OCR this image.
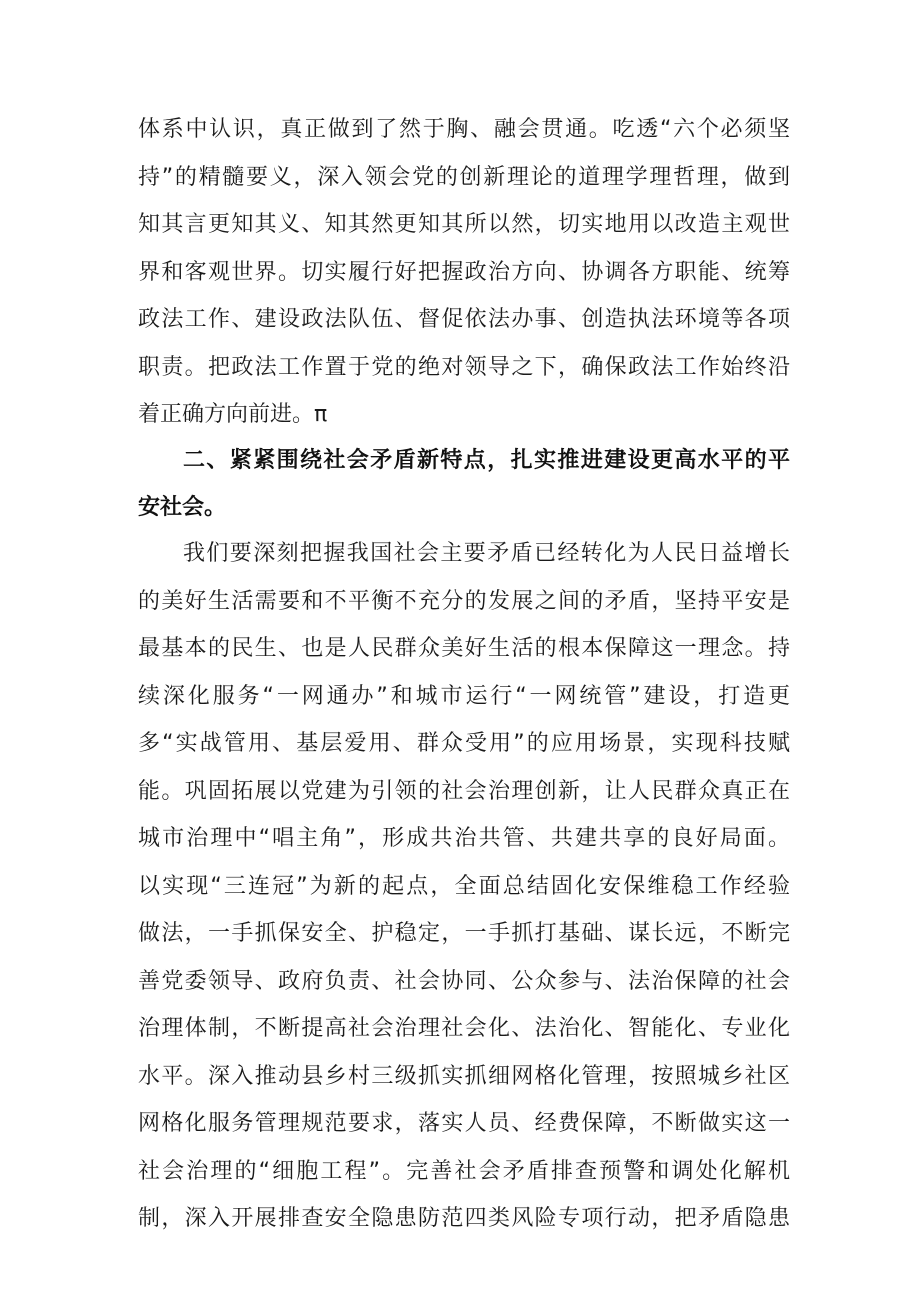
体系中认识，真正做到了然于胸、融会贯通。吃透“六个必须坚
持”的精髓要义，深入领会党的创新理论的道理学理哲理，做到
知其言更知其义、知其然更知其所以然，切实地用以改造主观世
界和客观世界。切实履行好把握政治方向、协调各方职能、统筹
政法工作、建设政法队伍、督促依法办事、创造执法环境等各项
职责。把政法工作置于党的绝对领导之下，确保政法工作始终沿
着正确方向前进。π
二、紧紧围绕社会矛盾新特点，扎实推进建设更高水平的平
安社会。
我们要深刻把握我国社会主要矛盾已经转化为人民日益增长
的美好生活需要和不平衡不充分的发展之间的矛盾，坚持平安是
最基本的民生、也是人民群众美好生活的根本保障这一理念。持
续深化服务“一网通办”和城市运行“一网统管”建设，打造更
多“实战管用、基层爱用、群众受用”的应用场景，实现科技赋
能。巩固拓展以党建为引领的社会治理创新，让人民群众真正在
城市治理中“唱主角”，形成共治共管、共建共享的良好局面。
以实现“三连冠”为新的起点，全面总结固化安保维稳工作经验
做法，一手抓保安全、护稳定，一手抓打基础、谋长远，不断完
善党委领导、政府负责、社会协同、公众参与、法治保障的社会
治理体制，不断提高社会治理社会化、法治化、智能化、专业化
水平。深入推动县乡村三级抓实抓细网格化管理，按照城乡社区
网格化服务管理规范要求，落实人员、经费保障，不断做实这一
社会治理的“细胞工程”。完善社会矛盾排查预警和调处化解机
制，深入开展排查安全隐患防范四类风险专项行动，把矛盾隐患
